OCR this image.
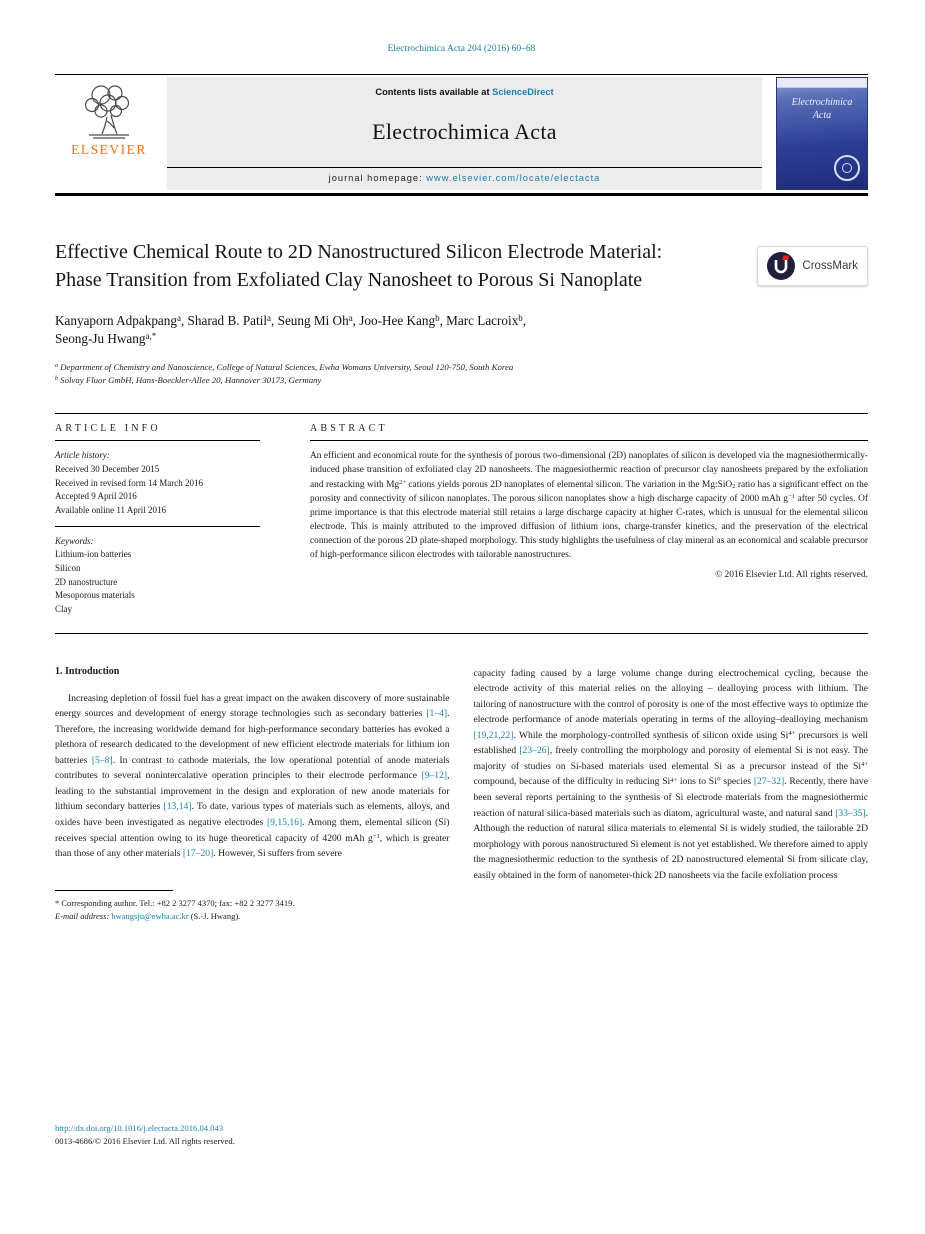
Electrochimica Acta 204 (2016) 60–68
ELSEVIER
Contents lists available at ScienceDirect
Electrochimica Acta
journal homepage: www.elsevier.com/locate/electacta
Electrochimica Acta
Effective Chemical Route to 2D Nanostructured Silicon Electrode Material: Phase Transition from Exfoliated Clay Nanosheet to Porous Si Nanoplate
CrossMark
Kanyaporn Adpakpang$^a$, Sharad B. Patil$^a$, Seung Mi Oh$^a$, Joo-Hee Kang$^b$, Marc Lacroix$^b$,
Seong-Ju Hwang$^{a,*}$
$^a$ Department of Chemistry and Nanoscience, College of Natural Sciences, Ewha Womans University, Seoul 120-750, South Korea
$^b$ Solvay Fluor GmbH, Hans-Boeckler-Allee 20, Hannover 30173, Germany
ARTICLE INFO	ABSTRACT
Article history:
Received 30 December 2015
Received in revised form 14 March 2016
Accepted 9 April 2016
Available online 11 April 2016
Keywords:
Lithium-ion batteries
Silicon
2D nanostructure
Mesoporous materials
Clay
An efficient and economical route for the synthesis of porous two-dimensional (2D) nanoplates of silicon is developed via the magnesiothermically-induced phase transition of exfoliated clay 2D nanosheets. The magnesiothermic reaction of precursor clay nanosheets prepared by the exfoliation and restacking with $Mg^{2+}$ cations yields porous 2D nanoplates of elemental silicon. The variation in the Mg:SiO2 ratio has a significant effect on the porosity and connectivity of silicon nanoplates. The porous silicon nanoplates show a high discharge capacity of 2000 mAh $g^{-1}$ after 50 cycles. Of prime importance is that this electrode material still retains a large discharge capacity at higher C-rates, which is unusual for the elemental silicon electrode. This is mainly attributed to the improved diffusion of lithium ions, charge-transfer kinetics, and the preservation of the electrical connection of the porous 2D plate-shaped morphology. This study highlights the usefulness of clay mineral as an economical and scalable precursor of high-performance silicon electrodes with tailorable nanostructures.
© 2016 Elsevier Ltd. All rights reserved.
1. Introduction

Increasing depletion of fossil fuel has a great impact on the awaken discovery of more sustainable energy sources and development of energy storage technologies such as secondary batteries [1–4]. Therefore, the increasing worldwide demand for high-performance secondary batteries has evoked a plethora of research dedicated to the development of new efficient electrode materials for lithium ion batteries [5–8]. In contrast to cathode materials, the low operational potential of anode materials contributes to several nonintercalative operation principles to their electrode performance [9–12], leading to the substantial improvement in the design and exploration of new anode materials for lithium secondary batteries [13,14]. To date, various types of materials such as elements, alloys, and oxides have been investigated as negative electrodes [9,15,16]. Among them, elemental silicon (Si) receives special attention owing to its huge theoretical capacity of 4200 mAh $g^{-1}$, which is greater than those of any other materials [17–20]. However, Si suffers from severe

* Corresponding author. Tel.: +82 2 3277 4370; fax: +82 2 3277 3419.
E-mail address: hwangsju@ewha.ac.kr (S.-J. Hwang).

capacity fading caused by a large volume change during electrochemical cycling, because the electrode activity of this material relies on the alloying – dealloying process with lithium. The tailoring of nanostructure with the control of porosity is one of the most effective ways to optimize the electrode performance of anode materials operating in terms of the alloying–dealloying mechanism [19,21,22]. While the morphology-controlled synthesis of silicon oxide using $Si^{4+}$ precursors is well established [23–26], freely controlling the morphology and porosity of elemental Si is not easy. The majority of studies on Si-based materials used elemental Si as a precursor instead of the $Si^{4+}$ compound, because of the difficulty in reducing $Si^{4+}$ ions to Si° species [27–32]. Recently, there have been several reports pertaining to the synthesis of Si electrode materials from the magnesiothermic reaction of natural silica-based materials such as diatom, agricultural waste, and natural sand [33–35]. Although the reduction of natural silica materials to elemental Si is widely studied, the tailorable 2D morphology with porous nanostructured Si element is not yet established. We therefore aimed to apply the magnesiothermic reduction to the synthesis of 2D nanostructured elemental Si from silicate clay, easily obtained in the form of nanometer-thick 2D nanosheets via the facile exfoliation process

http://dx.doi.org/10.1016/j.electacta.2016.04.043
0013-4686/© 2016 Elsevier Ltd. All rights reserved.
